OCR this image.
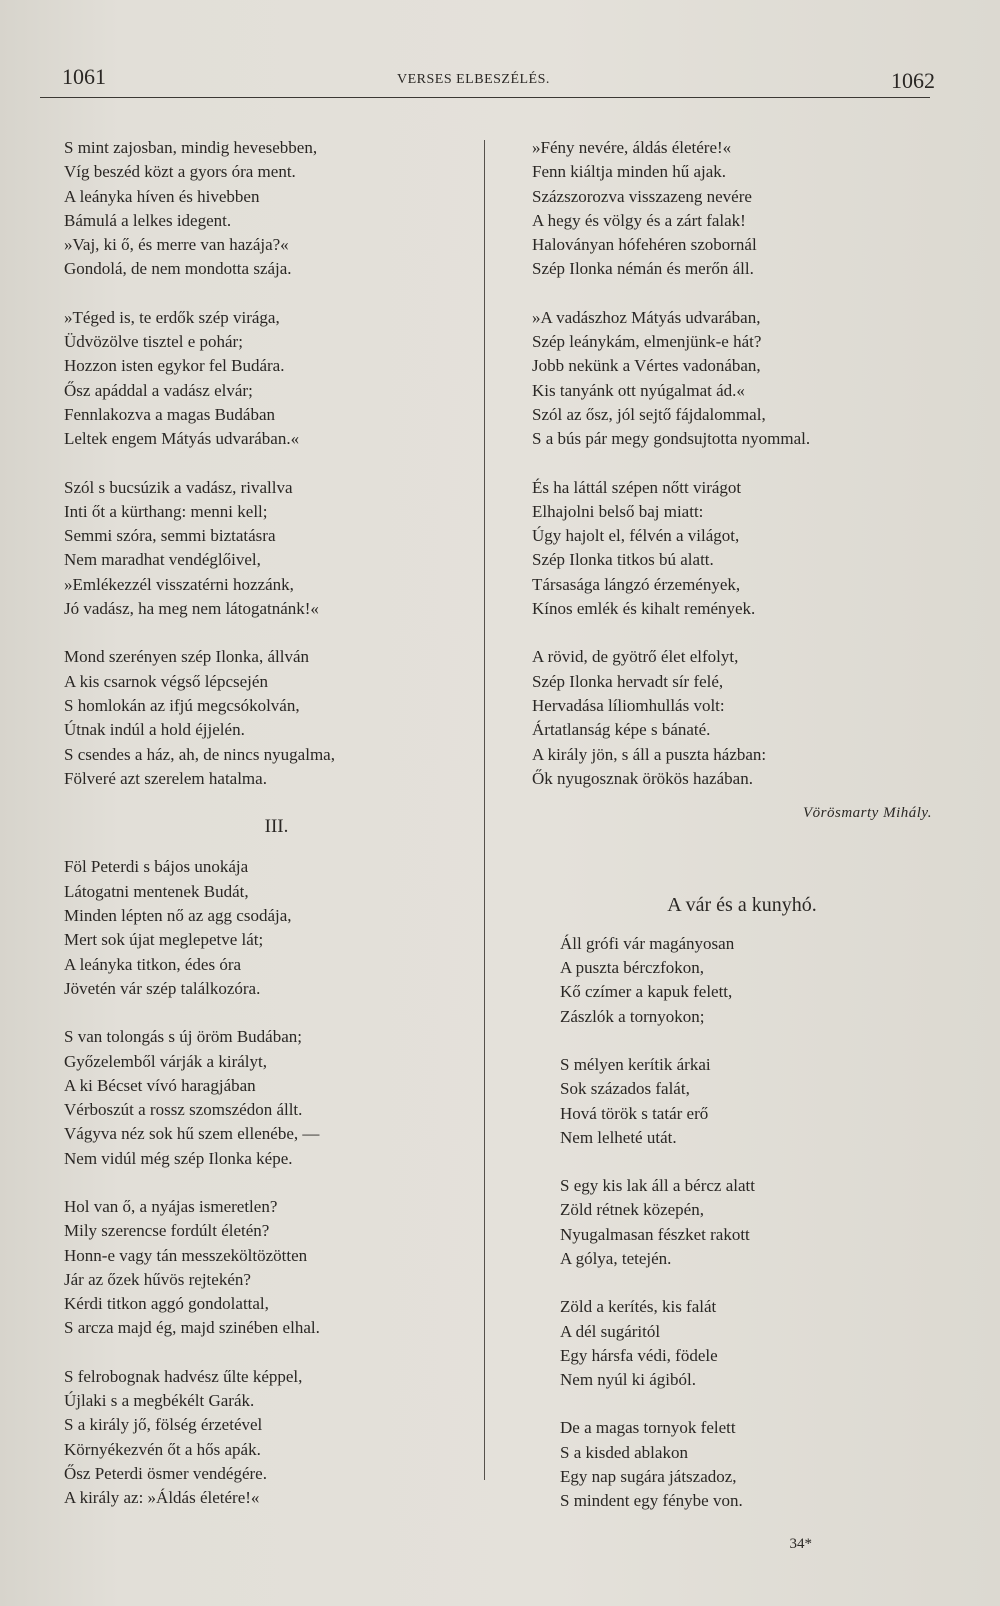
1061	VERSES ELBESZÉLÉS.	1062
S mint zajosban, mindig hevesebben,
Víg beszéd közt a gyors óra ment.
A leányka híven és hivebben
Bámulá a lelkes idegent.
»Vaj, ki ő, és merre van hazája?«
Gondolá, de nem mondotta szája.
»Téged is, te erdők szép virága,
Üdvözölve tisztel e pohár;
Hozzon isten egykor fel Budára.
Ősz apáddal a vadász elvár;
Fennlakozva a magas Budában
Leltek engem Mátyás udvarában.«
Szól s bucsúzik a vadász, rivallva
Inti őt a kürthang: menni kell;
Semmi szóra, semmi biztatásra
Nem maradhat vendéglőivel,
»Emlékezzél visszatérni hozzánk,
Jó vadász, ha meg nem látogatnánk!«
Mond szerényen szép Ilonka, állván
A kis csarnok végső lépcsején
S homlokán az ifjú megcsókolván,
Útnak indúl a hold éjjelén.
S csendes a ház, ah, de nincs nyugalma,
Fölveré azt szerelem hatalma.
III.
Föl Peterdi s bájos unokája
Látogatni mentenek Budát,
Minden lépten nő az agg csodája,
Mert sok újat meglepetve lát;
A leányka titkon, édes óra
Jövetén vár szép találkozóra.
S van tolongás s új öröm Budában;
Győzelemből várják a királyt,
A ki Bécset vívó haragjában
Vérboszút a rossz szomszédon állt.
Vágyva néz sok hű szem ellenébe, —
Nem vidúl még szép Ilonka képe.
Hol van ő, a nyájas ismeretlen?
Mily szerencse fordúlt életén?
Honn-e vagy tán messzeköltözötten
Jár az őzek hűvös rejtekén?
Kérdi titkon aggó gondolattal,
S arcza majd ég, majd szinében elhal.
S felrobognak hadvész űlte képpel,
Újlaki s a megbékélt Garák.
S a király jő, fölség érzetével
Környékezvén őt a hős apák.
Ősz Peterdi ösmer vendégére.
A király az: »Áldás életére!«
»Fény nevére, áldás életére!«
Fenn kiáltja minden hű ajak.
Százszorozva visszazeng nevére
A hegy és völgy és a zárt falak!
Haloványan hófehéren szobornál
Szép Ilonka némán és merőn áll.
»A vadászhoz Mátyás udvarában,
Szép leánykám, elmenjünk-e hát?
Jobb nekünk a Vértes vadonában,
Kis tanyánk ott nyúgalmat ád.«
Szól az ősz, jól sejtő fájdalommal,
S a bús pár megy gondsujtotta nyommal.
És ha láttál szépen nőtt virágot
Elhajolni belső baj miatt:
Úgy hajolt el, félvén a világot,
Szép Ilonka titkos bú alatt.
Társasága lángzó érzemények,
Kínos emlék és kihalt remények.
A rövid, de gyötrő élet elfolyt,
Szép Ilonka hervadt sír felé,
Hervadása líliomhullás volt:
Ártatlanság képe s bánaté.
A király jön, s áll a puszta házban:
Ők nyugosznak örökös hazában.
Vörösmarty Mihály.
A vár és a kunyhó.
Áll grófi vár magányosan
A puszta bérczfokon,
Kő czímer a kapuk felett,
Zászlók a tornyokon;
S mélyen kerítik árkai
Sok százados falát,
Hová török s tatár erő
Nem lelheté utát.
S egy kis lak áll a bércz alatt
Zöld rétnek közepén,
Nyugalmasan fészket rakott
A gólya, tetején.
Zöld a kerítés, kis falát
A dél sugáritól
Egy hársfa védi, födele
Nem nyúl ki ágiból.
De a magas tornyok felett
S a kisded ablakon
Egy nap sugára játszadoz,
S mindent egy fénybe von.
34*
